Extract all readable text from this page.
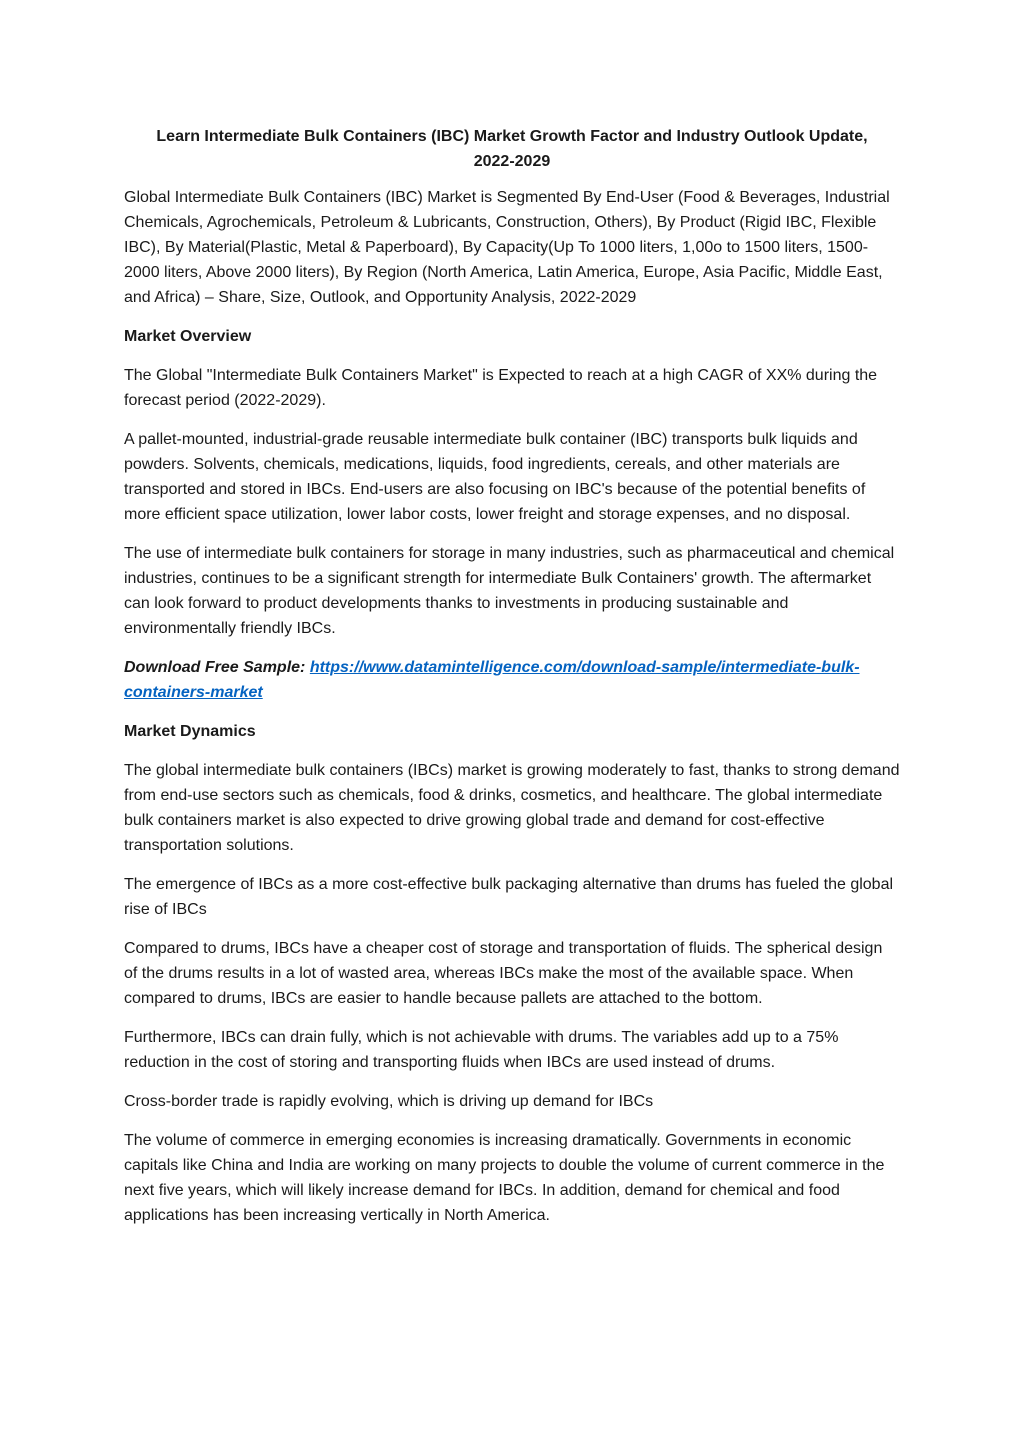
Learn Intermediate Bulk Containers (IBC) Market Growth Factor and Industry Outlook Update, 2022-2029

Global Intermediate Bulk Containers (IBC) Market is Segmented By End-User (Food & Beverages, Industrial Chemicals, Agrochemicals, Petroleum & Lubricants, Construction, Others), By Product (Rigid IBC, Flexible IBC), By Material(Plastic, Metal & Paperboard), By Capacity(Up To 1000 liters, 1,00o to 1500 liters, 1500-2000 liters, Above 2000 liters), By Region (North America, Latin America, Europe, Asia Pacific, Middle East, and Africa) – Share, Size, Outlook, and Opportunity Analysis, 2022-2029

Market Overview

The Global "Intermediate Bulk Containers Market" is Expected to reach at a high CAGR of XX% during the forecast period (2022-2029).

A pallet-mounted, industrial-grade reusable intermediate bulk container (IBC) transports bulk liquids and powders. Solvents, chemicals, medications, liquids, food ingredients, cereals, and other materials are transported and stored in IBCs. End-users are also focusing on IBC's because of the potential benefits of more efficient space utilization, lower labor costs, lower freight and storage expenses, and no disposal.

The use of intermediate bulk containers for storage in many industries, such as pharmaceutical and chemical industries, continues to be a significant strength for intermediate Bulk Containers' growth. The aftermarket can look forward to product developments thanks to investments in producing sustainable and environmentally friendly IBCs.

Download Free Sample: https://www.datamintelligence.com/download-sample/intermediate-bulk-containers-market

Market Dynamics

The global intermediate bulk containers (IBCs) market is growing moderately to fast, thanks to strong demand from end-use sectors such as chemicals, food & drinks, cosmetics, and healthcare. The global intermediate bulk containers market is also expected to drive growing global trade and demand for cost-effective transportation solutions.

The emergence of IBCs as a more cost-effective bulk packaging alternative than drums has fueled the global rise of IBCs

Compared to drums, IBCs have a cheaper cost of storage and transportation of fluids. The spherical design of the drums results in a lot of wasted area, whereas IBCs make the most of the available space. When compared to drums, IBCs are easier to handle because pallets are attached to the bottom.

Furthermore, IBCs can drain fully, which is not achievable with drums. The variables add up to a 75% reduction in the cost of storing and transporting fluids when IBCs are used instead of drums.

Cross-border trade is rapidly evolving, which is driving up demand for IBCs

The volume of commerce in emerging economies is increasing dramatically. Governments in economic capitals like China and India are working on many projects to double the volume of current commerce in the next five years, which will likely increase demand for IBCs. In addition, demand for chemical and food applications has been increasing vertically in North America.
